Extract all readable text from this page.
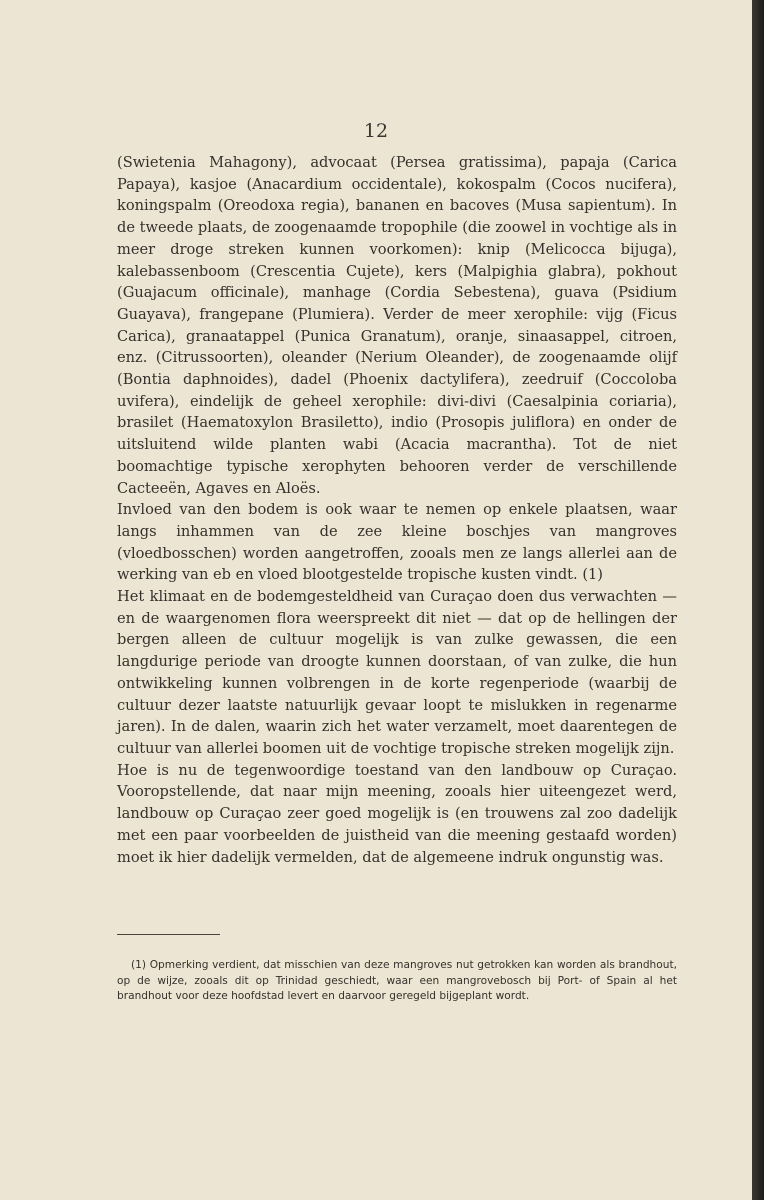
12

(Swietenia Mahagony), advocaat (Persea gratissima), papaja (Carica Papaya), kasjoe (Anacardium occidentale), kokospalm (Cocos nucifera), koningspalm (Oreodoxa regia), bananen en bacoves (Musa sapientum). In de tweede plaats, de zoogenaamde tropophile (die zoowel in vochtige als in meer droge streken kunnen voorkomen): knip (Melicocca bijuga), kalebassenboom (Crescentia Cujete), kers (Malpighia glabra), pokhout (Guajacum officinale), manhage (Cordia Sebestena), guava (Psidium Guayava), frangepane (Plumiera). Verder de meer xerophile: vijg (Ficus Carica), granaatappel (Punica Granatum), oranje, sinaasappel, citroen, enz. (Citrussoorten), oleander (Nerium Oleander), de zoogenaamde olijf (Bontia daphnoides), dadel (Phoenix dactylifera), zeedruif (Coccoloba uvifera), eindelijk de geheel xerophile: divi-divi (Caesalpinia coriaria), brasilet (Haematoxylon Brasiletto), indio (Prosopis juliflora) en onder de uitsluitend wilde planten wabi (Acacia macrantha). Tot de niet boomachtige typische xerophyten behooren verder de verschillende Cacteeën, Agaves en Aloës.

Invloed van den bodem is ook waar te nemen op enkele plaatsen, waar langs inhammen van de zee kleine boschjes van mangroves (vloedbosschen) worden aangetroffen, zooals men ze langs allerlei aan de werking van eb en vloed blootgestelde tropische kusten vindt. (1)

Het klimaat en de bodemgesteldheid van Curaçao doen dus verwachten — en de waargenomen flora weerspreekt dit niet — dat op de hellingen der bergen alleen de cultuur mogelijk is van zulke gewassen, die een langdurige periode van droogte kunnen doorstaan, of van zulke, die hun ontwikkeling kunnen volbrengen in de korte regenperiode (waarbij de cultuur dezer laatste natuurlijk gevaar loopt te mislukken in regenarme jaren). In de dalen, waarin zich het water verzamelt, moet daarentegen de cultuur van allerlei boomen uit de vochtige tropische streken mogelijk zijn.

Hoe is nu de tegenwoordige toestand van den landbouw op Curaçao. Vooropstellende, dat naar mijn meening, zooals hier uiteengezet werd, landbouw op Curaçao zeer goed mogelijk is (en trouwens zal zoo dadelijk met een paar voorbeelden de juistheid van die meening gestaafd worden) moet ik hier dadelijk vermelden, dat de algemeene indruk ongunstig was.

(1) Opmerking verdient, dat misschien van deze mangroves nut getrokken kan worden als brandhout, op de wijze, zooals dit op Trinidad geschiedt, waar een mangrovebosch bij Port- of Spain al het brandhout voor deze hoofdstad levert en daarvoor geregeld bijgeplant wordt.
